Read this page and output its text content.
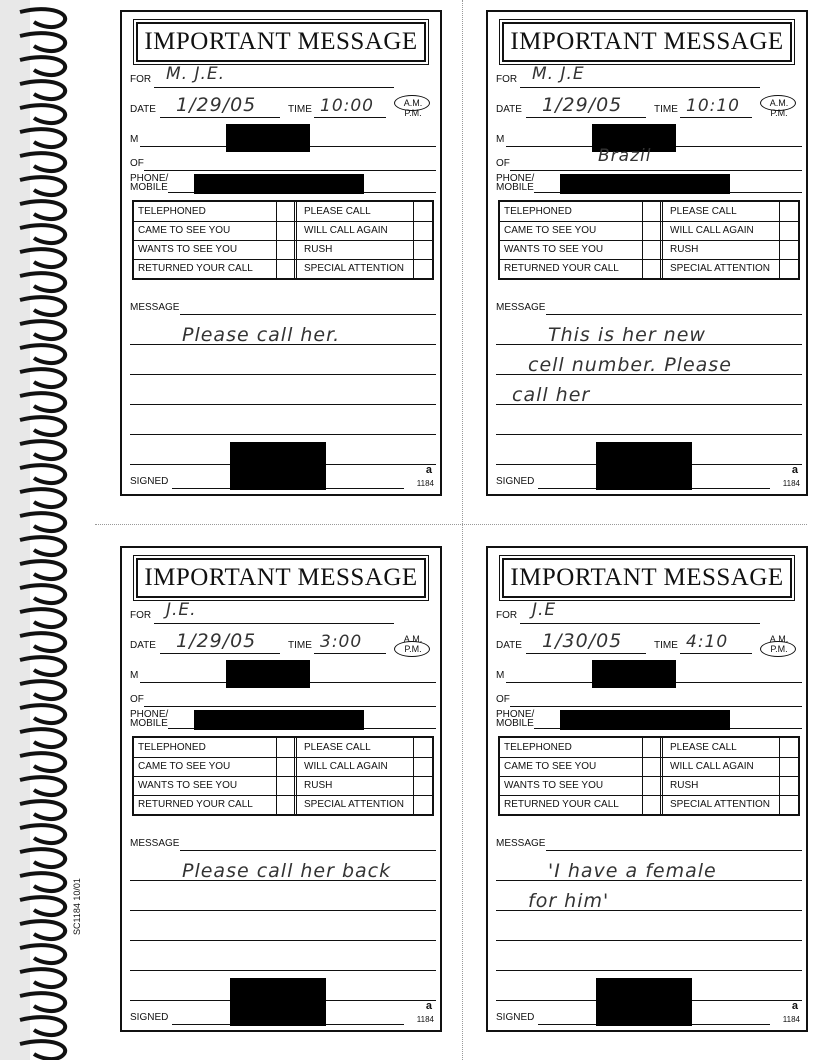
SC1184 10/01
IMPORTANT MESSAGE
FOR M. J.E.
DATE 1/29/05	TIME 10:00	A.M.
P.M.
M
OF
PHONE/
MOBILE
TELEPHONED	PLEASE CALL
CAME TO SEE YOU	WILL CALL AGAIN
WANTS TO SEE YOU	RUSH
RETURNED YOUR CALL	SPECIAL ATTENTION
MESSAGE
Please call her.
SIGNED
a
1184
IMPORTANT MESSAGE
FOR M. J.E
DATE 1/29/05	TIME 10:10	A.M.
P.M.
M
OF	Brazil
PHONE/
MOBILE
TELEPHONED	PLEASE CALL
CAME TO SEE YOU	WILL CALL AGAIN
WANTS TO SEE YOU	RUSH
RETURNED YOUR CALL	SPECIAL ATTENTION
MESSAGE
This is her new
cell number. Please
call her
SIGNED
a
1184
IMPORTANT MESSAGE
FOR J.E.
DATE 1/29/05	TIME 3:00	A.M.
P.M.
M
OF
PHONE/
MOBILE
TELEPHONED	PLEASE CALL
CAME TO SEE YOU	WILL CALL AGAIN
WANTS TO SEE YOU	RUSH
RETURNED YOUR CALL	SPECIAL ATTENTION
MESSAGE
Please call her back
SIGNED
a
1184
IMPORTANT MESSAGE
FOR J.E
DATE 1/30/05	TIME 4:10	A.M.
P.M.
M
OF
PHONE/
MOBILE
TELEPHONED	PLEASE CALL
CAME TO SEE YOU	WILL CALL AGAIN
WANTS TO SEE YOU	RUSH
RETURNED YOUR CALL	SPECIAL ATTENTION
MESSAGE
'I have a female
for him'
SIGNED
a
1184
